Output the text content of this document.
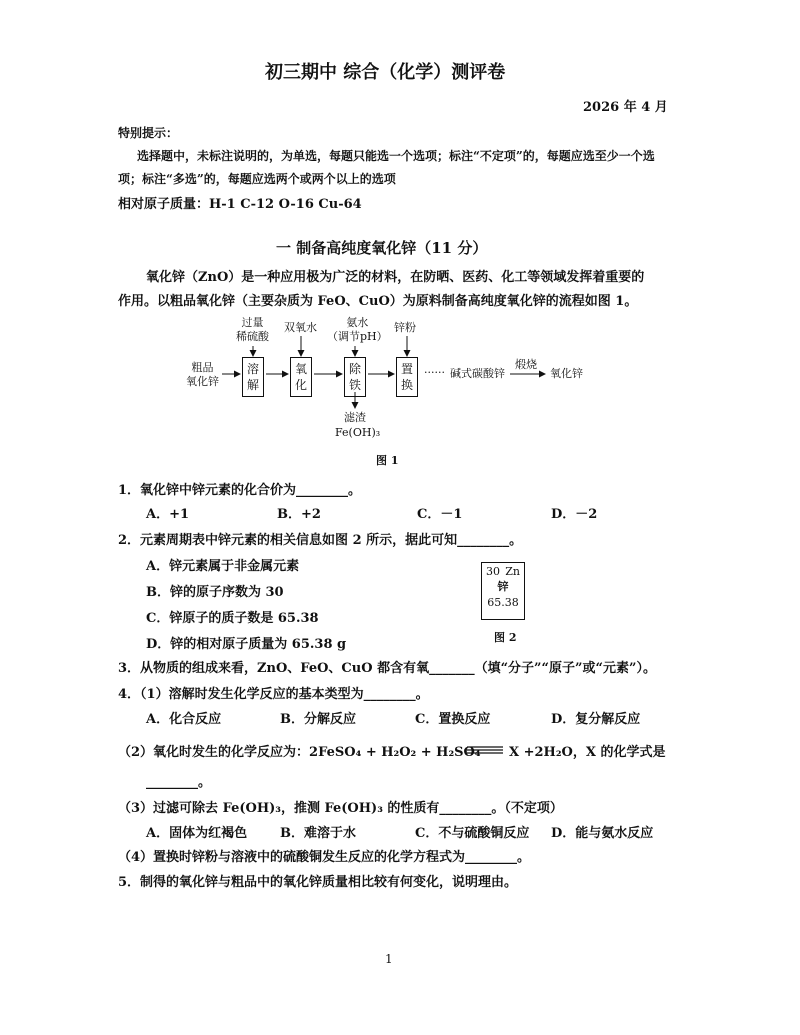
初三期中 综合（化学）测评卷
2026 年 4 月
特别提示：
选择题中，未标注说明的，为单选，每题只能选一个选项；标注“不定项”的，每题应选至少一个选
项；标注“多选”的，每题应选两个或两个以上的选项
相对原子质量：H-1 C-12 O-16 Cu-64
一 制备高纯度氧化锌（11 分）
氧化锌（ZnO）是一种应用极为广泛的材料，在防晒、医药、化工等领域发挥着重要的
作用。以粗品氧化锌（主要杂质为 FeO、CuO）为原料制备高纯度氧化锌的流程如图 1。
粗品
氧化锌
过量
稀硫酸
双氧水	氨水
（调节pH）
锌粉
溶解
氧化
除铁
置换
······ 碱式碳酸锌
煅烧
氧化锌
滤渣
Fe(OH)₃
图 1
1．氧化锌中锌元素的化合价为________。
A．+1	B．+2	C．－1	D．－2
2．元素周期表中锌元素的相关信息如图 2 所示，据此可知________。
A．锌元素属于非金属元素
B．锌的原子序数为 30
C．锌原子的质子数是 65.38
D．锌的相对原子质量为 65.38 g
30 Zn
锌
65.38
图 2
3．从物质的组成来看，ZnO、FeO、CuO 都含有氧_______（填“分子”“原子”或“元素”）。
4．（1）溶解时发生化学反应的基本类型为________。
A．化合反应	B．分解反应	C．置换反应	D．复分解反应
（2）氧化时发生的化学反应为：2FeSO₄ + H₂O₂ + H₂SO₄ X +2H₂O，X 的化学式是
________。
（3）过滤可除去 Fe(OH)₃，推测 Fe(OH)₃ 的性质有________。（不定项）
A．固体为红褐色	B．难溶于水	C．不与硫酸铜反应 D．能与氨水反应
（4）置换时锌粉与溶液中的硫酸铜发生反应的化学方程式为________。
5．制得的氧化锌与粗品中的氧化锌质量相比较有何变化，说明理由。
1
